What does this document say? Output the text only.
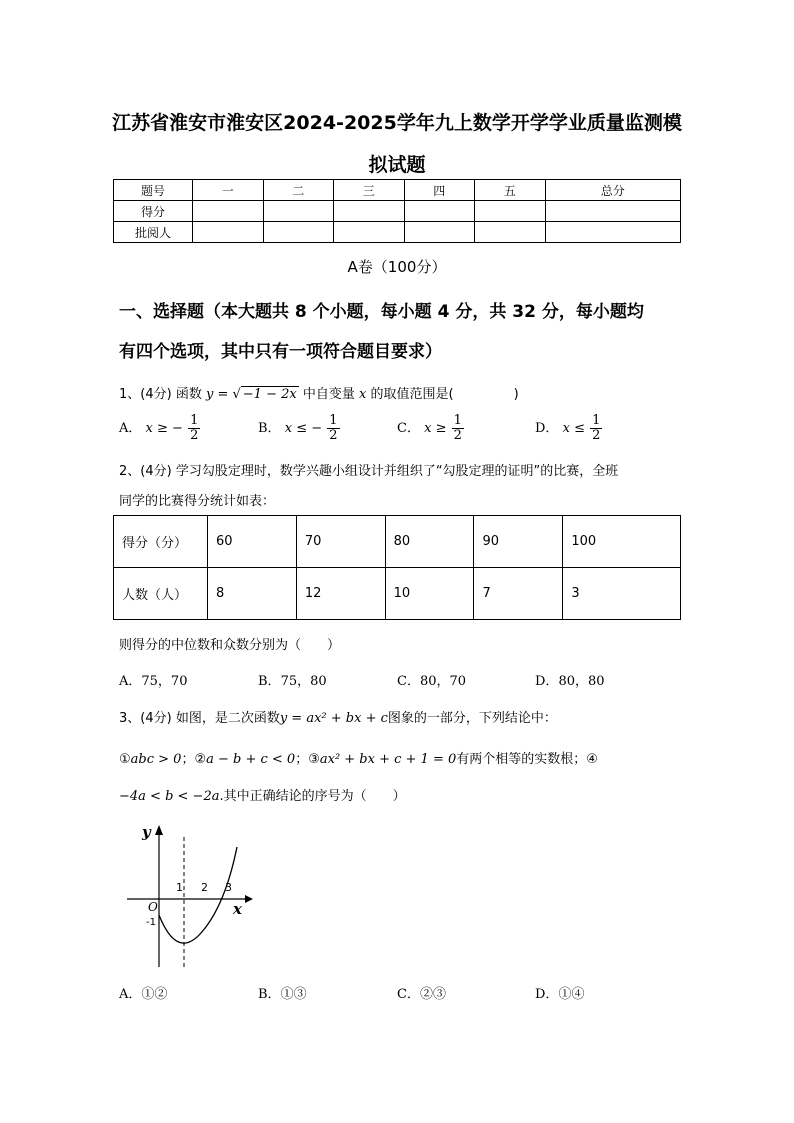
江苏省淮安市淮安区2024-2025学年九上数学开学学业质量监测模
拟试题
题号	一	二	三	四	五	总分
得分						
批阅人						
A卷（100分）
一、选择题（本大题共 8 个小题，每小题 4 分，共 32 分，每小题均
有四个选项，其中只有一项符合题目要求）
1、(4分) 函数 y = √ −1 − 2x 中自变量 x 的取值范围是(	)
A． x ≥ − $\frac{1}{2}$	B． x ≤ − $\frac{1}{2}$	C． $x \ge \frac{1}{2}$	D． $x \le \frac{1}{2}$
2、(4分) 学习勾股定理时，数学兴趣小组设计并组织了“勾股定理的证明”的比赛，全班
同学的比赛得分统计如表：
得分（分）	60	70	80	90	100
人数（人）	8	12	10	7	3
则得分的中位数和众数分别为（　　）
A．75，70	B．75，80	C．80，70	D．80，80
3、(4分) 如图，是二次函数y = ax² + bx + c图象的一部分，下列结论中：
①abc > 0；②a − b + c < 0；③ax² + bx + c + 1 = 0有两个相等的实数根；④
−4a < b < −2a.其中正确结论的序号为（　　）
y
x
O
-1
1 2 3
A．①②	B．①③	C．②③	D．①④
